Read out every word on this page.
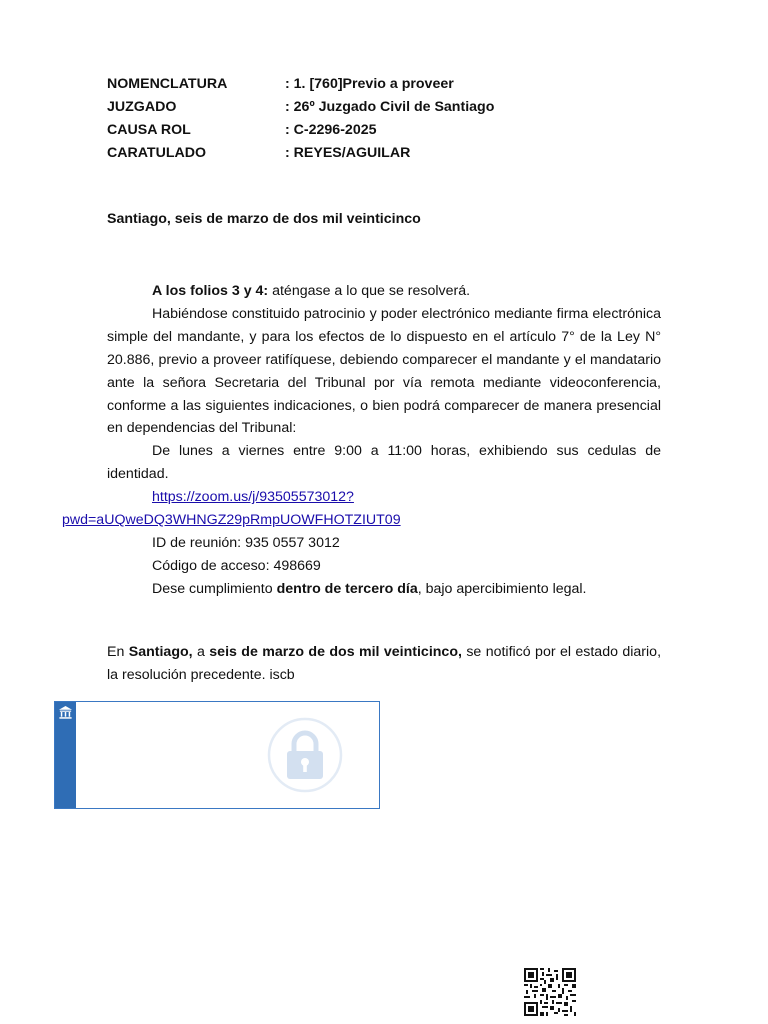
NOMENCLATURA	: 1. [760]Previo a proveer
JUZGADO	: 26º Juzgado Civil de Santiago
CAUSA ROL	: C-2296-2025
CARATULADO	: REYES/AGUILAR
Santiago, seis de marzo de dos mil veinticinco

A los folios 3 y 4: aténgase a lo que se resolverá.

Habiéndose constituido patrocinio y poder electrónico mediante firma electrónica simple del mandante, y para los efectos de lo dispuesto en el artículo 7° de la Ley N° 20.886, previo a proveer ratifíquese, debiendo comparecer el mandante y el mandatario ante la señora Secretaria del Tribunal por vía remota mediante videoconferencia, conforme a las siguientes indicaciones, o bien podrá comparecer de manera presencial en dependencias del Tribunal:

De lunes a viernes entre 9:00 a 11:00 horas, exhibiendo sus cedulas de identidad.

https://zoom.us/j/93505573012?
pwd=aUQweDQ3WHNGZ29pRmpUOWFHOTZIUT09

ID de reunión: 935 0557 3012

Código de acceso: 498669

Dese cumplimiento dentro de tercero día, bajo apercibimiento legal.

En Santiago, a seis de marzo de dos mil veinticinco, se notificó por el estado diario, la resolución precedente. iscb
